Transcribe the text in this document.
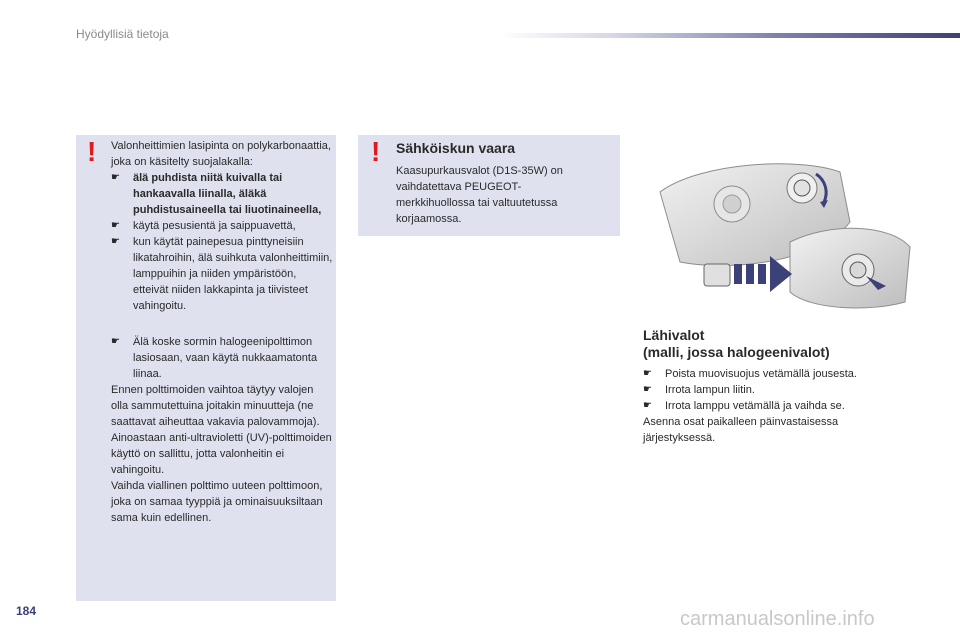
Hyödyllisiä tietoja
! Valonheittimien lasipinta on polykarbonaattia, joka on käsitelty suojalakalla:

☛ älä puhdista niitä kuivalla tai hankaavalla liinalla, äläkä puhdistusaineella tai liuotinaineella,

☛ käytä pesusientä ja saippuavettä,

☛ kun käytät painepesua pinttyneisiin likatahroihin, älä suihkuta valonheittimiin, lamppuihin ja niiden ympäristöön, etteivät niiden lakkapinta ja tiivisteet vahingoitu.

☛ Älä koske sormin halogeenipolttimon lasiosaan, vaan käytä nukkaamatonta liinaa.

Ennen polttimoiden vaihtoa täytyy valojen olla sammutettuina joitakin minuutteja (ne saattavat aiheuttaa vakavia palovammoja).

Ainoastaan anti-ultravioletti (UV)-polttimoiden käyttö on sallittu, jotta valonheitin ei vahingoitu.

Vaihda viallinen polttimo uuteen polttimoon, joka on samaa tyyppiä ja ominaisuuksiltaan sama kuin edellinen.

! Sähköiskun vaara
Kaasupurkausvalot (D1S-35W) on vaihdatettava PEUGEOT-merkkihuollossa tai valtuutetussa korjaamossa.
Lähivalot
(malli, jossa halogeenivalot)

☛ Poista muovisuojus vetämällä jousesta.

☛ Irrota lampun liitin.

☛ Irrota lamppu vetämällä ja vaihda se.

Asenna osat paikalleen päinvastaisessa järjestyksessä.

184	carmanualsonline.info
